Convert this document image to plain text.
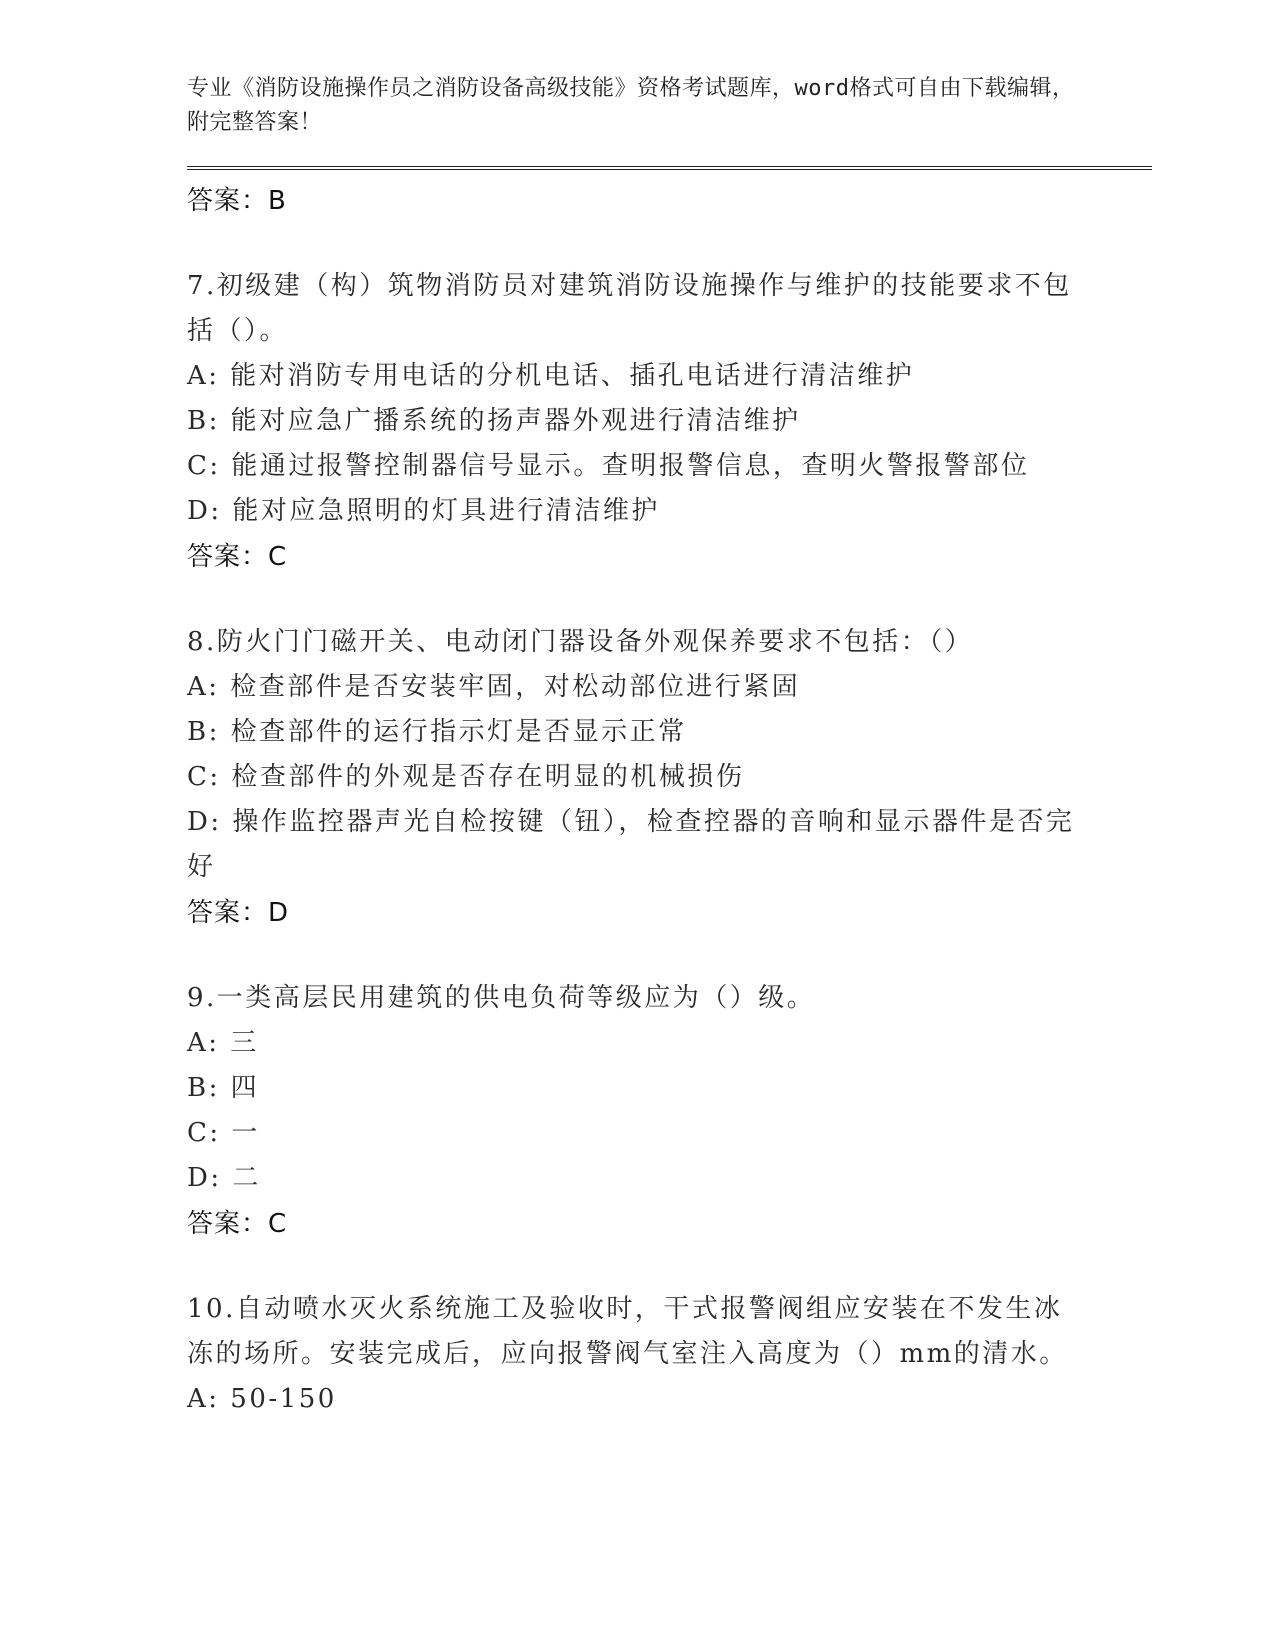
专业《消防设施操作员之消防设备高级技能》资格考试题库，word格式可自由下载编辑，附完整答案！
答案：B
7.初级建（构）筑物消防员对建筑消防设施操作与维护的技能要求不包括（）。
A: 能对消防专用电话的分机电话、插孔电话进行清洁维护
B: 能对应急广播系统的扬声器外观进行清洁维护
C: 能通过报警控制器信号显示。查明报警信息，查明火警报警部位
D: 能对应急照明的灯具进行清洁维护
答案：C
8.防火门门磁开关、电动闭门器设备外观保养要求不包括：（）
A: 检查部件是否安装牢固，对松动部位进行紧固
B: 检查部件的运行指示灯是否显示正常
C: 检查部件的外观是否存在明显的机械损伤
D: 操作监控器声光自检按键（钮），检查控器的音响和显示器件是否完好
答案：D
9.一类高层民用建筑的供电负荷等级应为（）级。
A: 三
B: 四
C: 一
D: 二
答案：C
10.自动喷水灭火系统施工及验收时，干式报警阀组应安装在不发生冰冻的场所。安装完成后，应向报警阀气室注入高度为（）mm的清水。
A: 50-150
